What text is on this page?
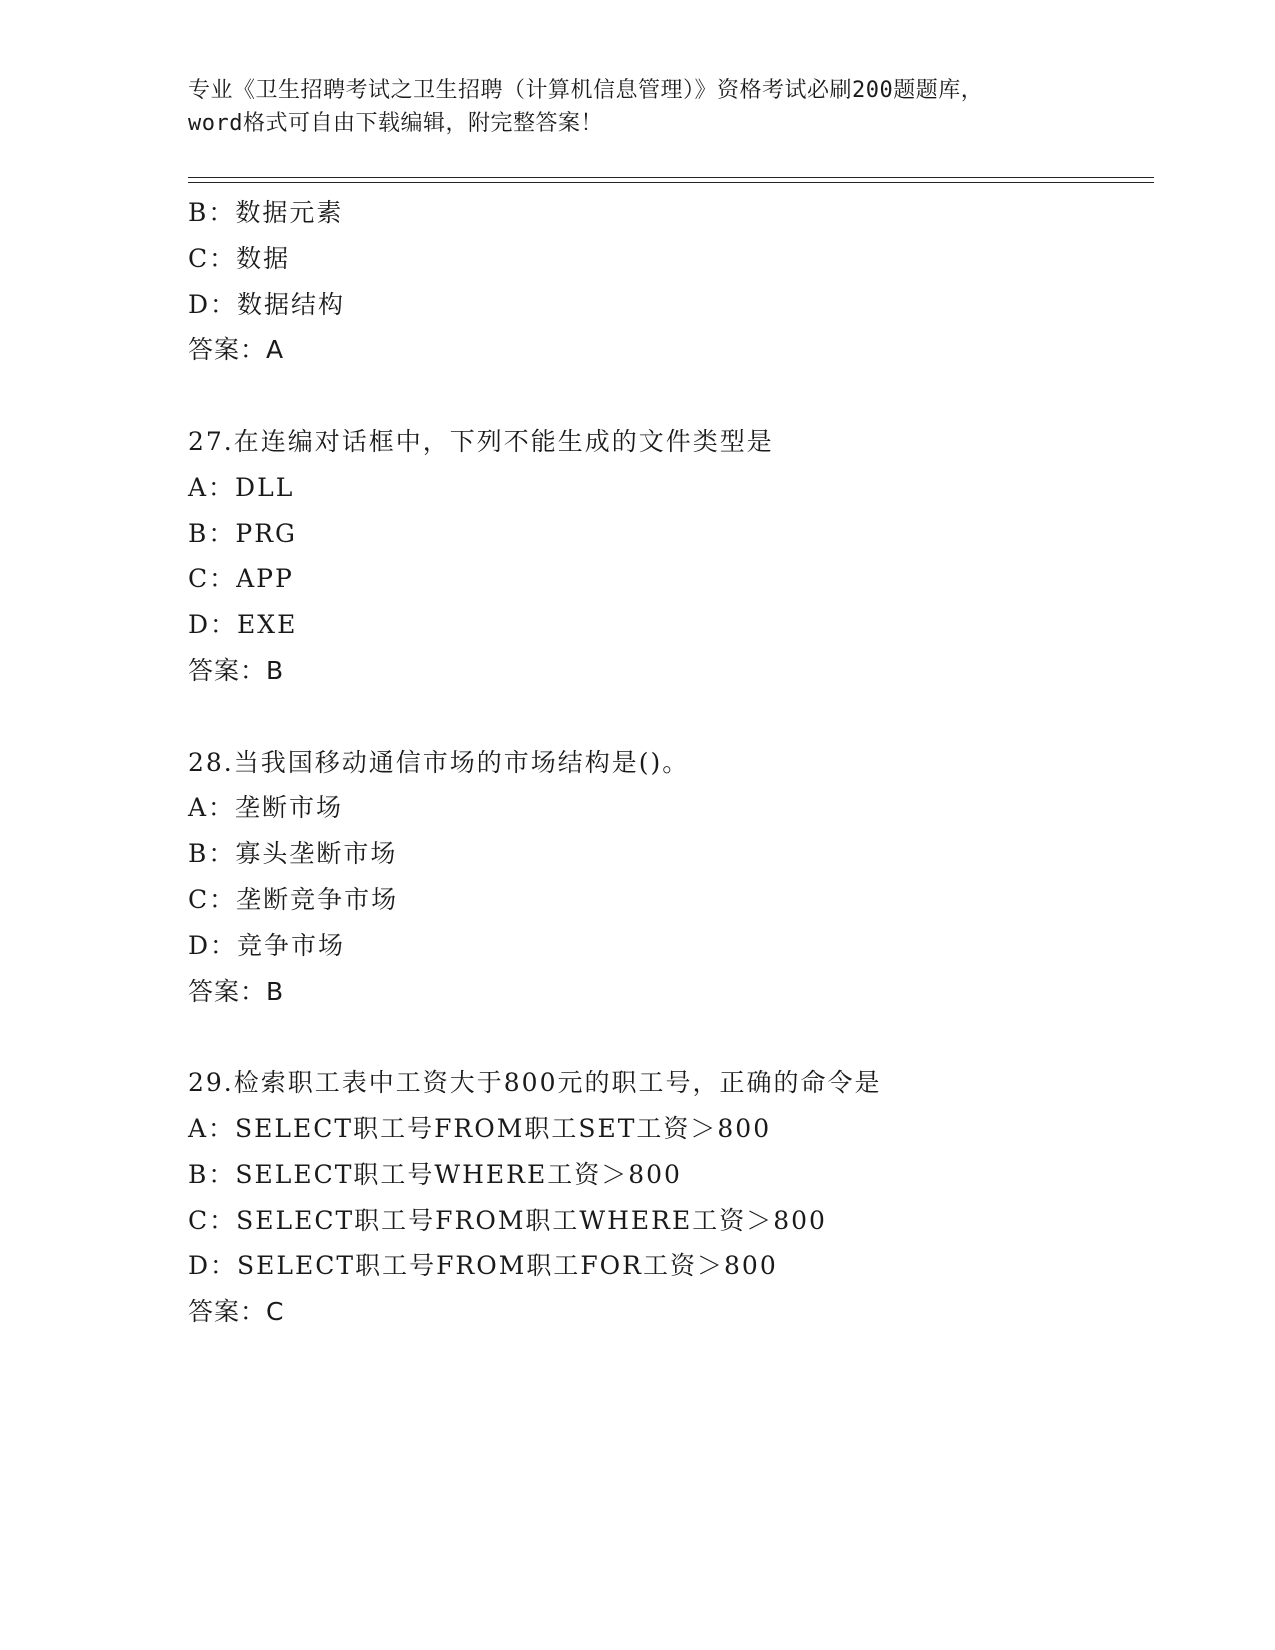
专业《卫生招聘考试之卫生招聘（计算机信息管理）》资格考试必刷200题题库，
word格式可自由下载编辑，附完整答案！
B：数据元素
C：数据
D：数据结构
答案：A
27.在连编对话框中，下列不能生成的文件类型是
A：DLL
B：PRG
C：APP
D：EXE
答案：B
28.当我国移动通信市场的市场结构是()。
A：垄断市场
B：寡头垄断市场
C：垄断竞争市场
D：竞争市场
答案：B
29.检索职工表中工资大于800元的职工号，正确的命令是
A：SELECT职工号FROM职工SET工资＞800
B：SELECT职工号WHERE工资＞800
C：SELECT职工号FROM职工WHERE工资＞800
D：SELECT职工号FROM职工FOR工资＞800
答案：C
